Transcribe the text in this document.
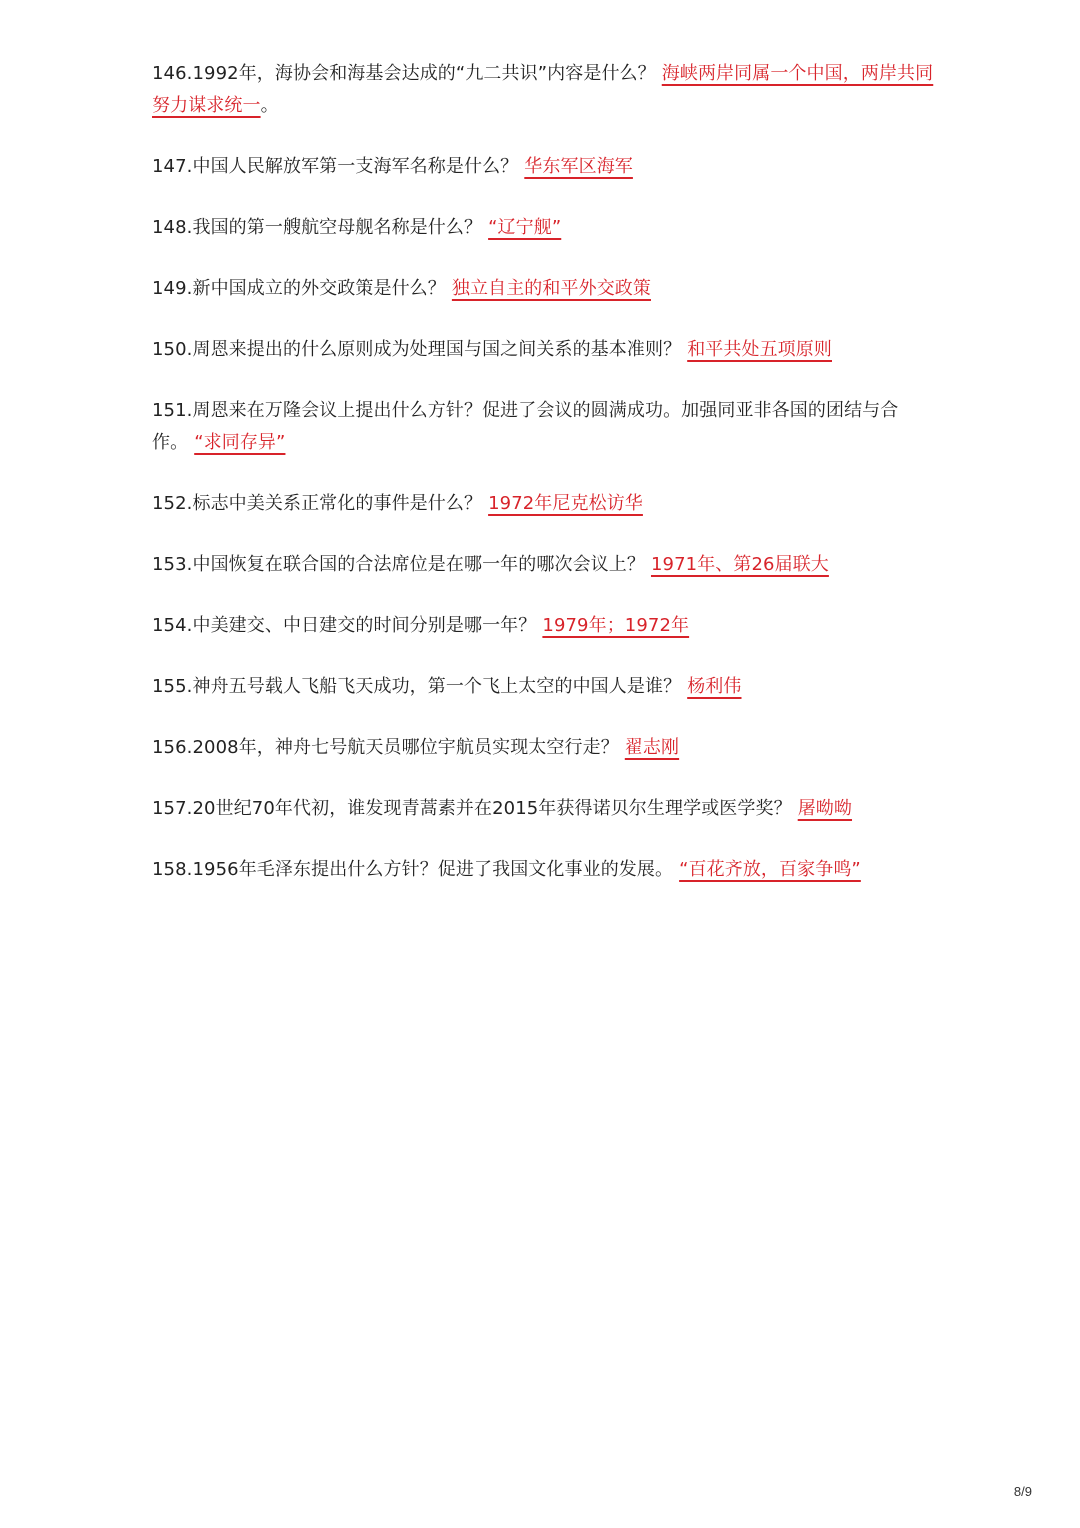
146.1992年，海协会和海基会达成的“九二共识”内容是什么？ 海峡两岸同属一个中国，两岸共同努力谋求统一。

147.中国人民解放军第一支海军名称是什么？ 华东军区海军

148.我国的第一艘航空母舰名称是什么？ “辽宁舰”

149.新中国成立的外交政策是什么？ 独立自主的和平外交政策

150.周恩来提出的什么原则成为处理国与国之间关系的基本准则？ 和平共处五项原则

151.周恩来在万隆会议上提出什么方针？促进了会议的圆满成功。加强同亚非各国的团结与合作。 “求同存异”

152.标志中美关系正常化的事件是什么？ 1972年尼克松访华

153.中国恢复在联合国的合法席位是在哪一年的哪次会议上？ 1971年、第26届联大

154.中美建交、中日建交的时间分别是哪一年？ 1979年；1972年

155.神舟五号载人飞船飞天成功，第一个飞上太空的中国人是谁？ 杨利伟

156.2008年，神舟七号航天员哪位宇航员实现太空行走？ 翟志刚

157.20世纪70年代初，谁发现青蒿素并在2015年获得诺贝尔生理学或医学奖？ 屠呦呦

158.1956年毛泽东提出什么方针？促进了我国文化事业的发展。 “百花齐放，百家争鸣”

8/9
